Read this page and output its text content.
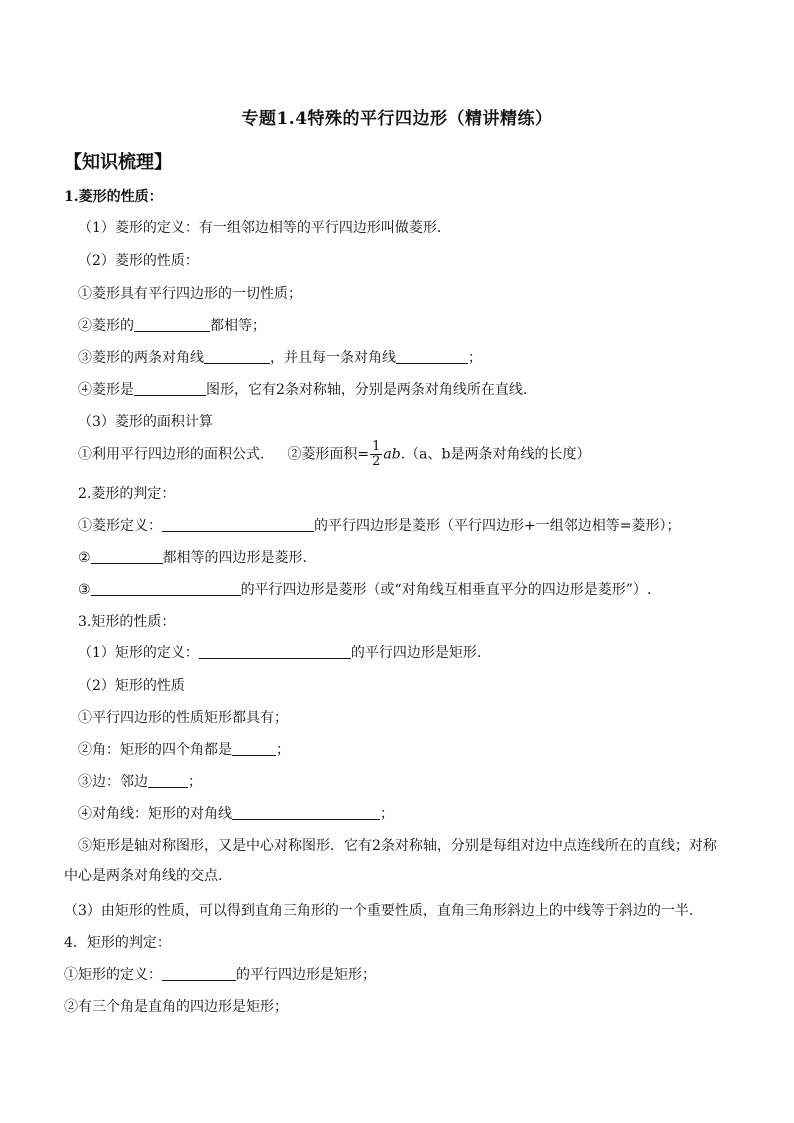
专题1.4特殊的平行四边形（精讲精练）
【知识梳理】
1.菱形的性质：
（1）菱形的定义：有一组邻边相等的平行四边形叫做菱形.
（2）菱形的性质：
①菱形具有平行四边形的一切性质；
②菱形的	都相等；
③菱形的两条对角线	，并且每一条对角线	；
④菱形是	图形，它有2条对称轴，分别是两条对角线所在直线.
（3）菱形的面积计算
①利用平行四边形的面积公式. ②菱形面积= $\frac{1}{2} ab.(a$、b是两条对角线的长度）
2.菱形的判定：
①菱形定义：	的平行四边形是菱形（平行四边形+一组邻边相等=菱形）；
②	都相等的四边形是菱形.
③	的平行四边形是菱形（或“对角线互相垂直平分的四边形是菱形”）.
3.矩形的性质：
（1）矩形的定义：	的平行四边形是矩形.
（2）矩形的性质
①平行四边形的性质矩形都具有；
②角：矩形的四个角都是	；
③边：邻边	；
④对角线：矩形的对角线	；
⑤矩形是轴对称图形，又是中心对称图形．它有2条对称轴，分别是每组对边中点连线所在的直线；对称
中心是两条对角线的交点.
（3）由矩形的性质，可以得到直角三角形的一个重要性质，直角三角形斜边上的中线等于斜边的一半.
4．矩形的判定：
①矩形的定义：	的平行四边形是矩形；
②有三个角是直角的四边形是矩形；
